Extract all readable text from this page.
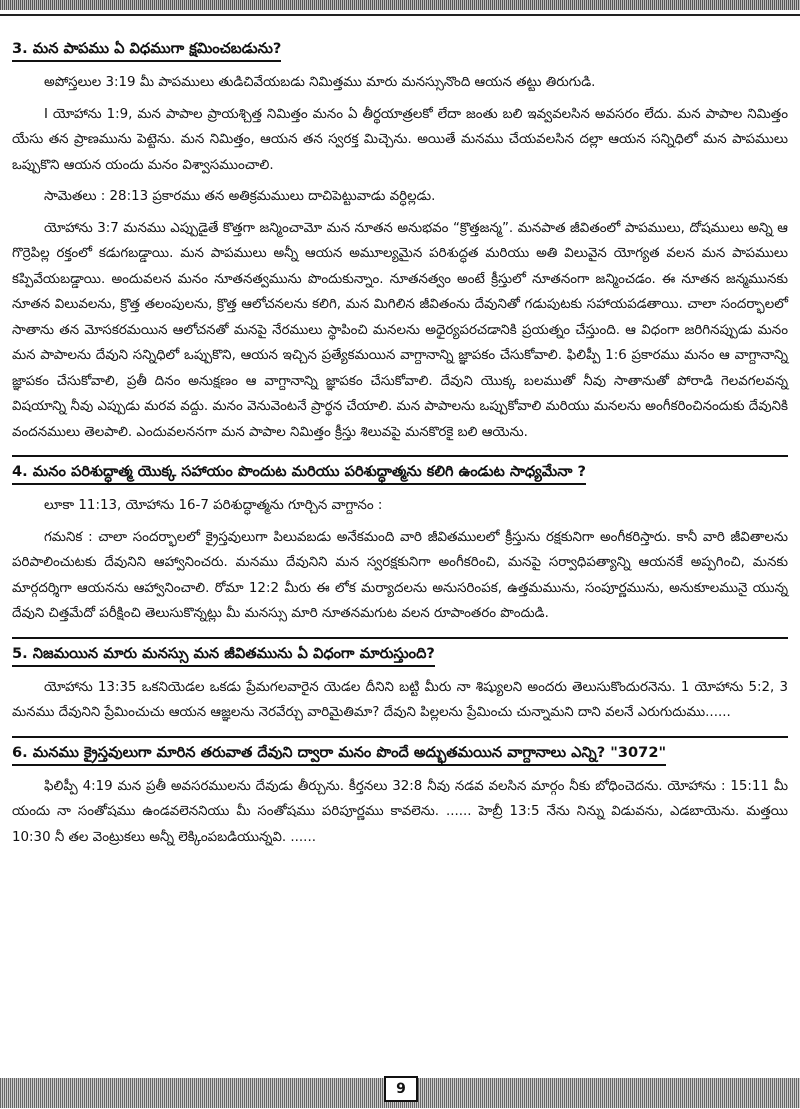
3. మన పాపము ఏ విధముగా క్షమించబడును?

అపోస్తలుల 3:19 మీ పాపములు తుడిచివేయబడు నిమిత్తము మారు మనస్సునొంది ఆయన తట్టు తిరుగుడి.

I యోహాను 1:9, మన పాపాల ప్రాయశ్చిత్త నిమిత్తం మనం ఏ తీర్థయాత్రలకో లేదా జంతు బలి ఇవ్వవలసిన అవసరం లేదు. మన పాపాల నిమిత్తం యేసు తన ప్రాణమును పెట్టెను. మన నిమిత్తం, ఆయన తన స్వరక్త మిచ్చెను. అయితే మనము చేయవలసిన దల్లా ఆయన సన్నిధిలో మన పాపములు ఒప్పుకొని ఆయన యందు మనం విశ్వాసముంచాలి.

సామెతలు : 28:13 ప్రకారము తన అతిక్రమములు దాచిపెట్టువాడు వర్ధిల్లడు.

యోహాను 3:7 మనము ఎప్పుడైతే కొత్తగా జన్మించామో మన నూతన అనుభవం “క్రొత్తజన్మ”. మనపాత జీవితంలో పాపములు, దోషములు అన్ని ఆ గొర్రెపిల్ల రక్తంలో కడుగబడ్డాయి. మన పాపములు అన్నీ ఆయన అమూల్యమైన పరిశుద్ధత మరియు అతి విలువైన యోగ్యత వలన మన పాపములు కప్పివేయబడ్డాయి. అందువలన మనం నూతనత్వమును పొందుకున్నాం. నూతనత్వం అంటే క్రీస్తులో నూతనంగా జన్మించడం. ఈ నూతన జన్మమునకు నూతన విలువలను, క్రొత్త తలంపులను, క్రొత్త ఆలోచనలను కలిగి, మన మిగిలిన జీవితంను దేవునితో గడుపుటకు సహాయపడతాయి. చాలా సందర్భాలలో సాతాను తన మోసకరమయిన ఆలోచనతో మనపై నేరములు స్థాపించి మనలను అధైర్యపరచడానికి ప్రయత్నం చేస్తుంది. ఆ విధంగా జరిగినప్పుడు మనం మన పాపాలను దేవుని సన్నిధిలో ఒప్పుకొని, ఆయన ఇచ్చిన ప్రత్యేకమయిన వాగ్దానాన్ని జ్ఞాపకం చేసుకోవాలి. ఫిలిప్పీ 1:6 ప్రకారము మనం ఆ వాగ్దానాన్ని జ్ఞాపకం చేసుకోవాలి, ప్రతీ దినం అనుక్షణం ఆ వాగ్దానాన్ని జ్ఞాపకం చేసుకోవాలి. దేవుని యొక్క బలముతో నీవు సాతానుతో పోరాడి గెలవగలవన్న విషయాన్ని నీవు ఎప్పుడు మరవ వద్దు. మనం వెనువెంటనే ప్రార్థన చేయాలి. మన పాపాలను ఒప్పుకోవాలి మరియు మనలను అంగీకరించినందుకు దేవునికి వందనములు తెలపాలి. ఎందువలననగా మన పాపాల నిమిత్తం క్రీస్తు శిలువపై మనకొరకై బలి ఆయెను.

4. మనం పరిశుద్ధాత్మ యొక్క సహాయం పొందుట మరియు పరిశుద్ధాత్మను కలిగి ఉండుట సాధ్యమేనా ?

లూకా 11:13, యోహాను 16-7 పరిశుద్ధాత్మను గూర్చిన వాగ్దానం :

గమనిక : చాలా సందర్భాలలో క్రైస్తవులుగా పిలువబడు అనేకమంది వారి జీవితములలో క్రీస్తును రక్షకునిగా అంగీకరిస్తారు. కానీ వారి జీవితాలను పరిపాలించుటకు దేవునిని ఆహ్వానించరు. మనము దేవునిని మన స్వరక్షకునిగా అంగీకరించి, మనపై సర్వాధిపత్యాన్ని ఆయనకే అప్పగించి, మనకు మార్గదర్శిగా ఆయనను ఆహ్వానించాలి. రోమా 12:2 మీరు ఈ లోక మర్యాదలను అనుసరింపక, ఉత్తమమును, సంపూర్ణమును, అనుకూలమునై యున్న దేవుని చిత్తమేదో పరీక్షించి తెలుసుకొన్నట్లు మీ మనస్సు మారి నూతనమగుట వలన రూపాంతరం పొందుడి.

5. నిజమయిన మారు మనస్సు మన జీవితమును ఏ విధంగా మారుస్తుంది?

యోహాను 13:35 ఒకనియెడల ఒకడు ప్రేమగలవారైన యెడల దీనిని బట్టి మీరు నా శిష్యులని అందరు తెలుసుకొందురనెను. 1 యోహాను 5:2, 3 మనము దేవునిని ప్రేమించుచు ఆయన ఆజ్ఞలను నెరవేర్చు వారిమైతిమా? దేవుని పిల్లలను ప్రేమించు చున్నామని దాని వలనే ఎరుగుదుము......

6. మనము క్రైస్తవులుగా మారిన తరువాత దేవుని ద్వారా మనం పొందే అద్భుతమయిన వాగ్దానాలు ఎన్ని? "3072"

ఫిలిప్పీ 4:19 మన ప్రతీ అవసరములను దేవుడు తీర్చును. కీర్తనలు 32:8 నీవు నడవ వలసిన మార్గం నీకు బోధించెదను. యోహాను : 15:11 మీ యందు నా సంతోషము ఉండవలెననియు మీ సంతోషము పరిపూర్ణము కావలెను. ...... హెబ్రీ 13:5 నేను నిన్ను విడువను, ఎడబాయెను. మత్తయి 10:30 నీ తల వెంట్రుకలు అన్నీ లెక్కింపబడియున్నవి. ......

9
